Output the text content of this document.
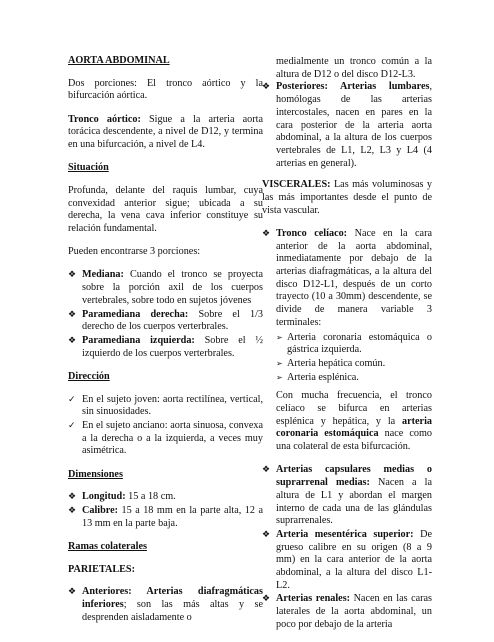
AORTA ABDOMINAL

Dos porciones: El tronco aórtico y la bifurcación aórtica.

Tronco aórtico: Sigue a la arteria aorta torácica descendente, a nivel de D12, y termina en una bifurcación, a nivel de L4.

Situación

Profunda, delante del raquis lumbar, cuya convexidad anterior sigue; ubicada a su derecha, la vena cava inferior constituye su relación fundamental.

Pueden encontrarse 3 porciones:

❖ Mediana: Cuando el tronco se proyecta sobre la porción axil de los cuerpos vertebrales, sobre todo en sujetos jóvenes
❖ Paramediana derecha: Sobre el 1/3 derecho de los cuerpos verterbrales.
❖ Paramediana izquierda: Sobre el ½ izquierdo de los cuerpos verterbrales.
Dirección
✓ En el sujeto joven: aorta rectilínea, vertical, sin sinuosidades.
✓ En el sujeto anciano: aorta sinuosa, convexa a la derecha o a la izquierda, a veces muy asimétrica.
Dimensiones
❖ Longitud: 15 a 18 cm.
❖ Calibre: 15 a 18 mm en la parte alta, 12 a 13 mm en la parte baja.
Ramas colaterales
PARIETALES:
❖ Anteriores: Arterias diafragmáticas inferiores; son las más altas y se desprenden aisladamente o

medialmente un tronco común a la altura de D12 o del disco D12-L3.

❖ Posteriores: Arterias lumbares, homólogas de las arterias intercostales, nacen en pares en la cara posterior de la arteria aorta abdominal, a la altura de los cuerpos vertebrales de L1, L2, L3 y L4 (4 arterias en general).

VISCERALES: Las más voluminosas y las más importantes desde el punto de vista vascular.

❖ Tronco celíaco: Nace en la cara anterior de la aorta abdominal, inmediatamente por debajo de la arterias diafragmáticas, a la altura del disco D12-L1, después de un corto trayecto (10 a 30mm) descendente, se divide de manera variable 3 terminales:
➢ Arteria coronaria estomáquica o gástrica izquierda.
➢ Arteria hepática común.
➢ Arteria esplénica.

Con mucha frecuencia, el tronco celíaco se bifurca en arterias esplénica y hepática, y la arteria coronaria estomáquica nace como una colateral de esta bifurcación.

❖ Arterias capsulares medias o suprarrenal medias: Nacen a la altura de L1 y abordan el margen interno de cada una de las glándulas suprarrenales.
❖ Arteria mesentérica superior: De grueso calibre en su origen (8 a 9 mm) en la cara anterior de la aorta abdominal, a la altura del disco L1-L2.
❖ Arterias renales: Nacen en las caras laterales de la aorta abdominal, un poco por debajo de la arteria
